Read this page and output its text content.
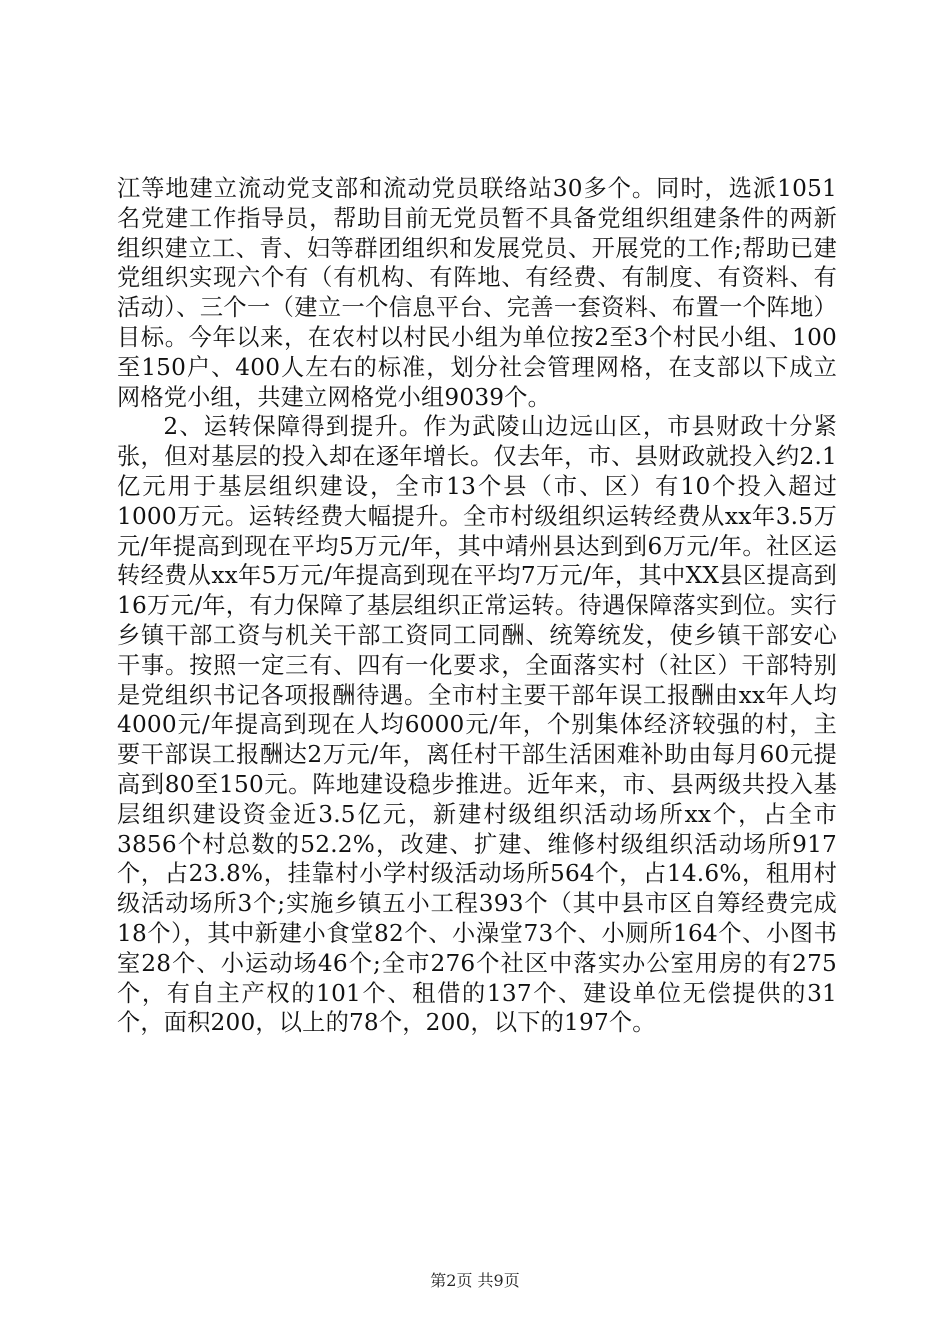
江等地建立流动党支部和流动党员联络站30多个。同时，选派1051名党建工作指导员，帮助目前无党员暂不具备党组织组建条件的两新组织建立工、青、妇等群团组织和发展党员、开展党的工作;帮助已建党组织实现六个有（有机构、有阵地、有经费、有制度、有资料、有活动）、三个一（建立一个信息平台、完善一套资料、布置一个阵地）目标。今年以来，在农村以村民小组为单位按2至3个村民小组、100至150户、400人左右的标准，划分社会管理网格，在支部以下成立网格党小组，共建立网格党小组9039个。

2、运转保障得到提升。作为武陵山边远山区，市县财政十分紧张，但对基层的投入却在逐年增长。仅去年，市、县财政就投入约2.1亿元用于基层组织建设，全市13个县（市、区）有10个投入超过1000万元。运转经费大幅提升。全市村级组织运转经费从xx年3.5万元/年提高到现在平均5万元/年，其中靖州县达到到6万元/年。社区运转经费从xx年5万元/年提高到现在平均7万元/年，其中XX县区提高到16万元/年，有力保障了基层组织正常运转。待遇保障落实到位。实行乡镇干部工资与机关干部工资同工同酬、统筹统发，使乡镇干部安心干事。按照一定三有、四有一化要求，全面落实村（社区）干部特别是党组织书记各项报酬待遇。全市村主要干部年误工报酬由xx年人均4000元/年提高到现在人均6000元/年，个别集体经济较强的村，主要干部误工报酬达2万元/年，离任村干部生活困难补助由每月60元提高到80至150元。阵地建设稳步推进。近年来，市、县两级共投入基层组织建设资金近3.5亿元，新建村级组织活动场所xx个，占全市3856个村总数的52.2%，改建、扩建、维修村级组织活动场所917个，占23.8%，挂靠村小学村级活动场所564个，占14.6%，租用村级活动场所3个;实施乡镇五小工程393个（其中县市区自筹经费完成18个），其中新建小食堂82个、小澡堂73个、小厕所164个、小图书室28个、小运动场46个;全市276个社区中落实办公室用房的有275个，有自主产权的101个、租借的137个、建设单位无偿提供的31个，面积200，以上的78个，200，以下的197个。

第2页 共9页
